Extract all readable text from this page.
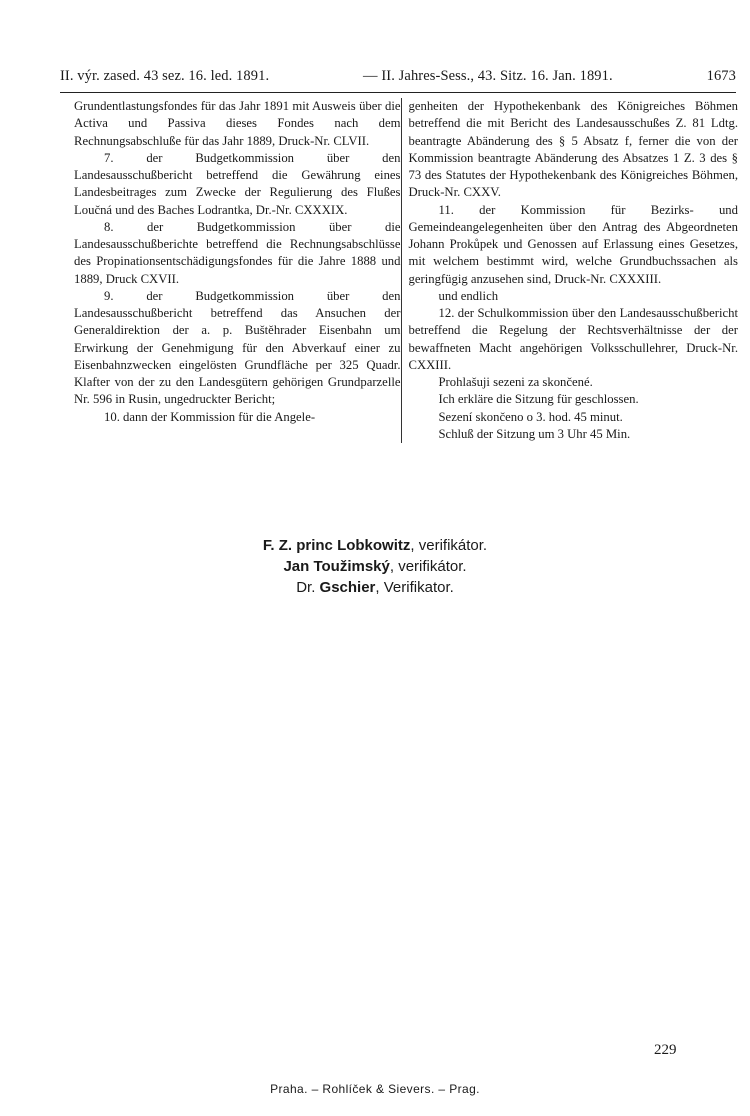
II. výr. zased. 43 sez. 16. led. 1891.	— II. Jahres-Sess., 43. Sitz. 16. Jan. 1891.	1673

Grundentlastungsfondes für das Jahr 1891 mit Ausweis über die Activa und Passiva dieses Fondes nach dem Rechnungsabschluße für das Jahr 1889, Druck-Nr. CLVII.

7. der Budgetkommission über den Landesausschußbericht betreffend die Gewährung eines Landesbeitrages zum Zwecke der Regulierung des Flußes Loučná und des Baches Lodrantka, Dr.-Nr. CXXXIX.

8. der Budgetkommission über die Landesausschußberichte betreffend die Rechnungsabschlüsse des Propinationsentschädigungsfondes für die Jahre 1888 und 1889, Druck CXVII.

9. der Budgetkommission über den Landesausschußbericht betreffend das Ansuchen der Generaldirektion der a. p. Buštěhrader Eisenbahn um Erwirkung der Genehmigung für den Abverkauf einer zu Eisenbahnzwecken eingelösten Grundfläche per 325 Quadr. Klafter von der zu den Landesgütern gehörigen Grundparzelle Nr. 596 in Rusin, ungedruckter Bericht;

10. dann der Kommission für die Angele-

genheiten der Hypothekenbank des Königreiches Böhmen betreffend die mit Bericht des Landesausschußes Z. 81 Ldtg. beantragte Abänderung des § 5 Absatz f, ferner die von der Kommission beantragte Abänderung des Absatzes 1 Z. 3 des § 73 des Statutes der Hypothekenbank des Königreiches Böhmen, Druck-Nr. CXXV.

11. der Kommission für Bezirks- und Gemeindeangelegenheiten über den Antrag des Abgeordneten Johann Prokůpek und Genossen auf Erlassung eines Gesetzes, mit welchem bestimmt wird, welche Grundbuchssachen als geringfügig anzusehen sind, Druck-Nr. CXXXIII.

und endlich

12. der Schulkommission über den Landesausschußbericht betreffend die Regelung der Rechtsverhältnisse der der bewaffneten Macht angehörigen Volksschullehrer, Druck-Nr. CXXIII.

Prohlašuji sezeni za skončené.

Ich erkläre die Sitzung für geschlossen.

Sezení skončeno o 3. hod. 45 minut.

Schluß der Sitzung um 3 Uhr 45 Min.

F. Z. princ Lobkowitz, verifikátor.
Jan Toužimský, verifikátor.
Dr. Gschier, Verifikator.
229
Praha. – Rohlíček & Sievers. – Prag.
